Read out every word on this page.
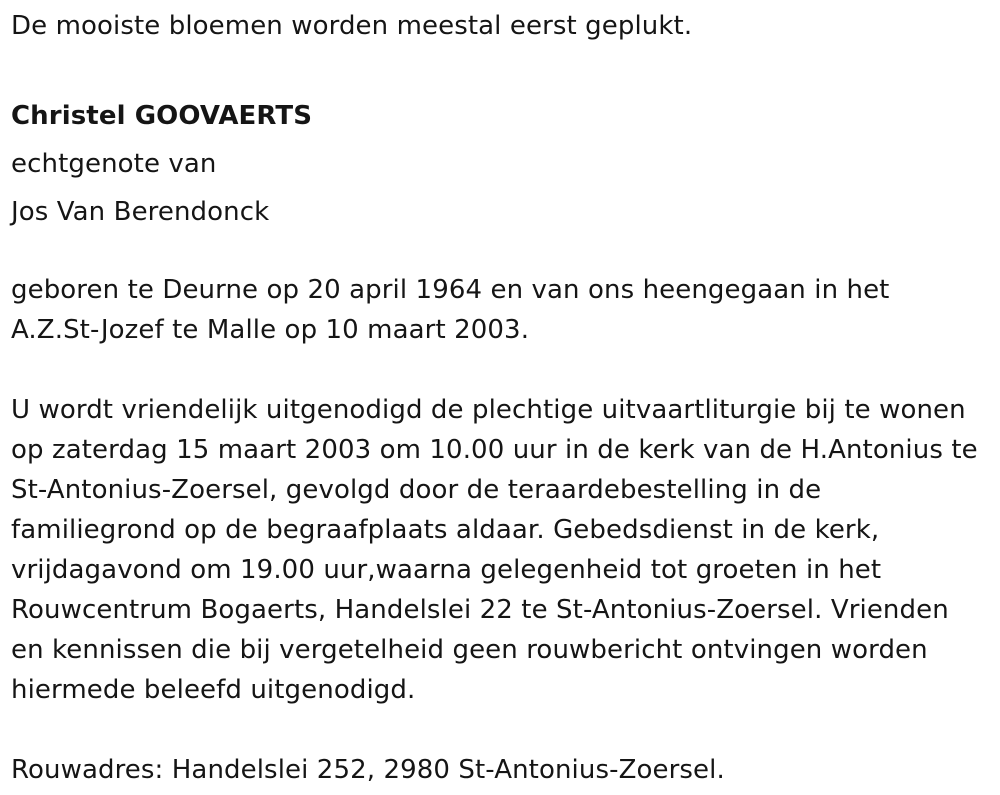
De mooiste bloemen worden meestal eerst geplukt.

Christel GOOVAERTS

echtgenote van

Jos Van Berendonck

geboren te Deurne op 20 april 1964 en van ons heengegaan in het

A.Z.St-Jozef te Malle op 10 maart 2003.

U wordt vriendelijk uitgenodigd de plechtige uitvaartliturgie bij te wonen

op zaterdag 15 maart 2003 om 10.00 uur in de kerk van de H.Antonius te

St-Antonius-Zoersel, gevolgd door de teraardebestelling in de

familiegrond op de begraafplaats aldaar. Gebedsdienst in de kerk,

vrijdagavond om 19.00 uur,waarna gelegenheid tot groeten in het

Rouwcentrum Bogaerts, Handelslei 22 te St-Antonius-Zoersel. Vrienden

en kennissen die bij vergetelheid geen rouwbericht ontvingen worden

hiermede beleefd uitgenodigd.

Rouwadres: Handelslei 252, 2980 St-Antonius-Zoersel.
